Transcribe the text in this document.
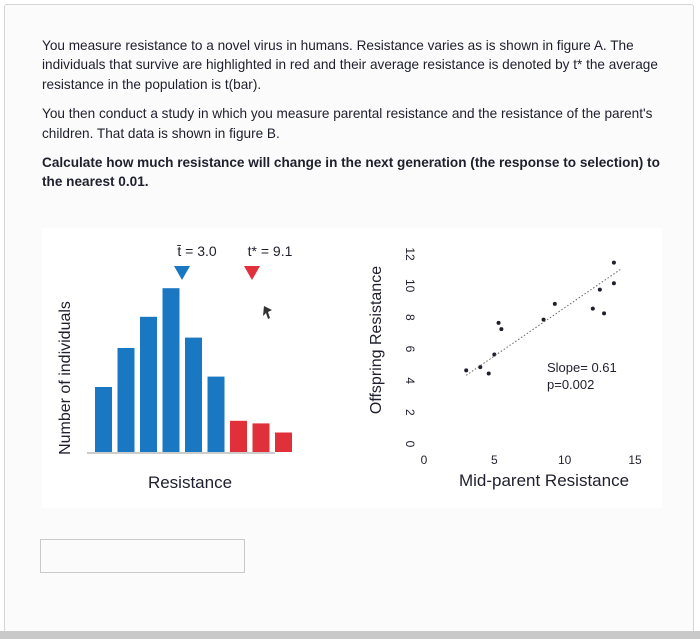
You measure resistance to a novel virus in humans. Resistance varies as is shown in figure A. The individuals that survive are highlighted in red and their average resistance is denoted by t* the average resistance in the population is t(bar).

You then conduct a study in which you measure parental resistance and the resistance of the parent's children. That data is shown in figure B.

Calculate how much resistance will change in the next generation (the response to selection) to the nearest 0.01.

Number of individuals
t̄ = 3.0 t* = 9.1
Resistance
Offspring Resistance
0
2
4
6
8
10
12
0	5	10	15
Slope= 0.61
p=0.002
Mid-parent Resistance
